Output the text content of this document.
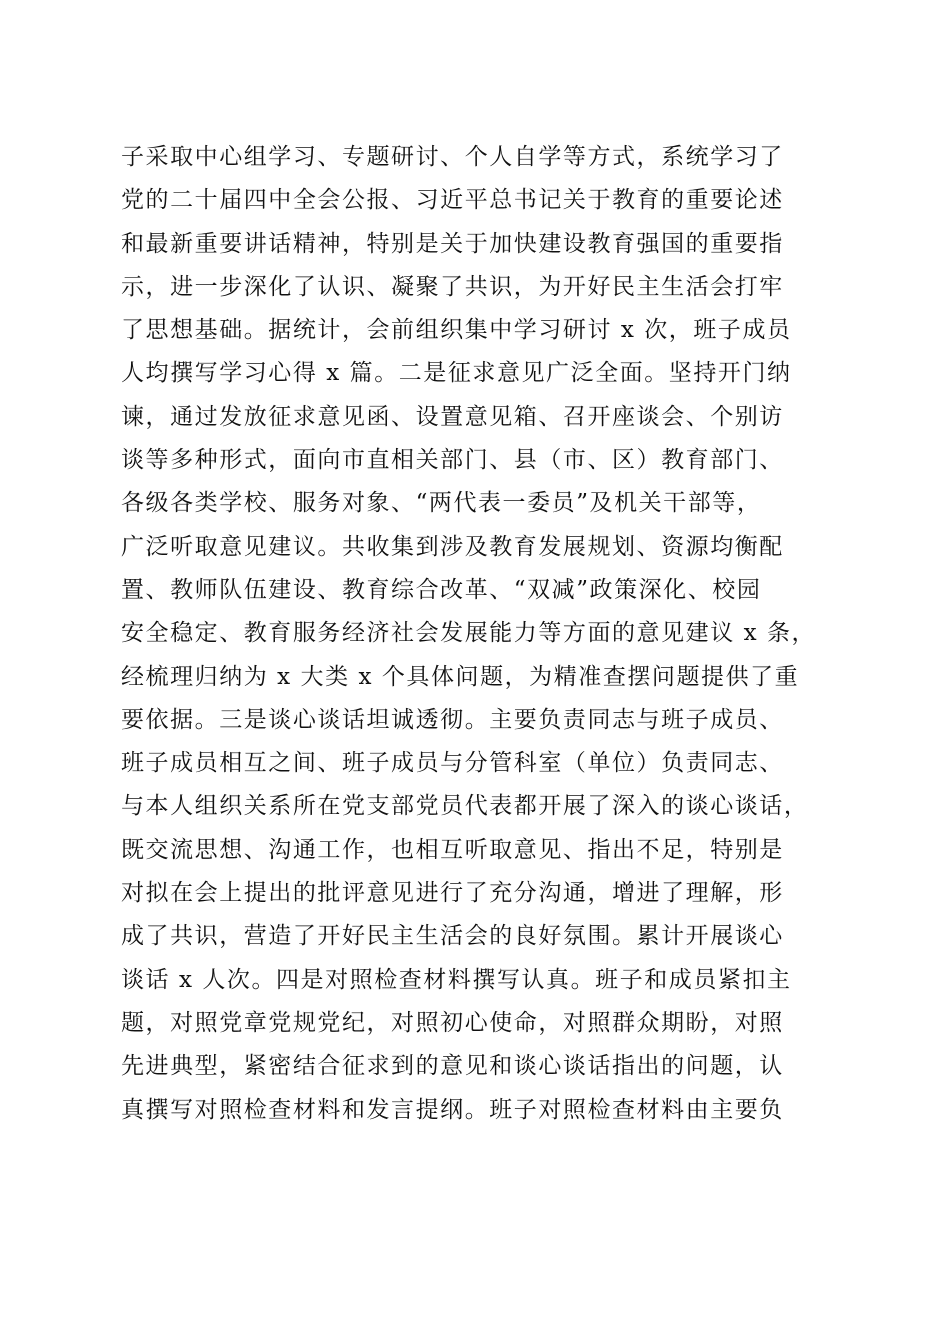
子采取中心组学习、专题研讨、个人自学等方式，系统学习了
党的二十届四中全会公报、习近平总书记关于教育的重要论述
和最新重要讲话精神，特别是关于加快建设教育强国的重要指
示，进一步深化了认识、凝聚了共识，为开好民主生活会打牢
了思想基础。据统计，会前组织集中学习研讨 x 次，班子成员
人均撰写学习心得 x 篇。二是征求意见广泛全面。坚持开门纳
谏，通过发放征求意见函、设置意见箱、召开座谈会、个别访
谈等多种形式，面向市直相关部门、县（市、区）教育部门、
各级各类学校、服务对象、“两代表一委员”及机关干部等，
广泛听取意见建议。共收集到涉及教育发展规划、资源均衡配
置、教师队伍建设、教育综合改革、“双减”政策深化、校园
安全稳定、教育服务经济社会发展能力等方面的意见建议 x 条，
经梳理归纳为 x 大类 x 个具体问题，为精准查摆问题提供了重
要依据。三是谈心谈话坦诚透彻。主要负责同志与班子成员、
班子成员相互之间、班子成员与分管科室（单位）负责同志、
与本人组织关系所在党支部党员代表都开展了深入的谈心谈话，
既交流思想、沟通工作，也相互听取意见、指出不足，特别是
对拟在会上提出的批评意见进行了充分沟通，增进了理解，形
成了共识，营造了开好民主生活会的良好氛围。累计开展谈心
谈话 x 人次。四是对照检查材料撰写认真。班子和成员紧扣主
题，对照党章党规党纪，对照初心使命，对照群众期盼，对照
先进典型，紧密结合征求到的意见和谈心谈话指出的问题，认
真撰写对照检查材料和发言提纲。班子对照检查材料由主要负
